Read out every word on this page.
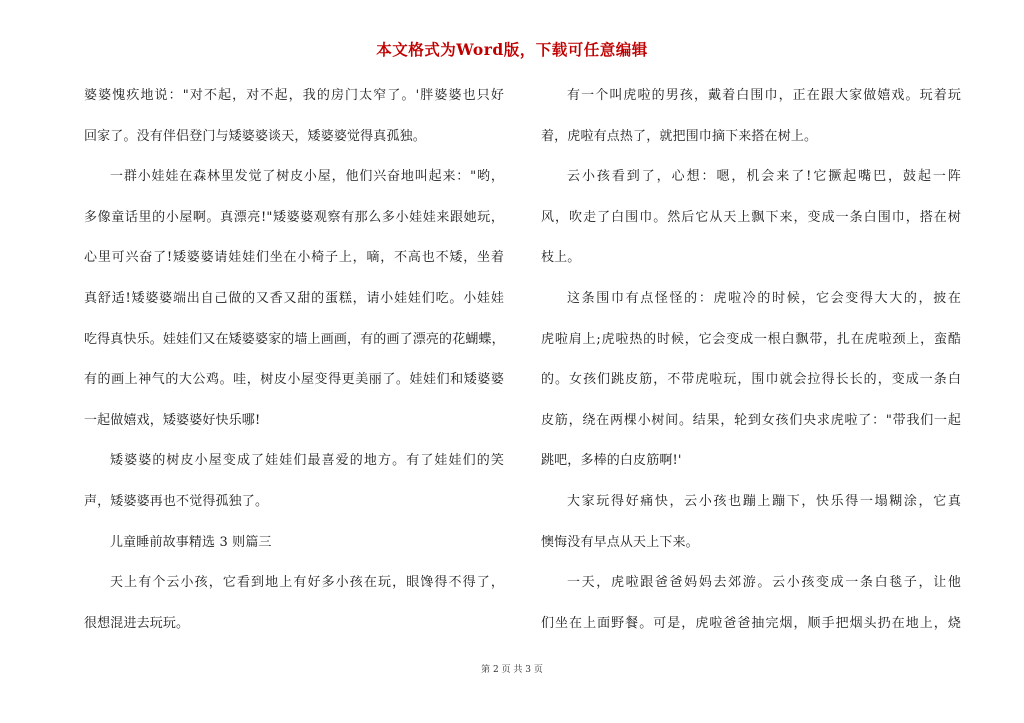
本文格式为Word版，下载可任意编辑
婆婆愧疚地说："对不起，对不起，我的房门太窄了。'胖婆婆也只好
回家了。没有伴侣登门与矮婆婆谈天，矮婆婆觉得真孤独。
一群小娃娃在森林里发觉了树皮小屋，他们兴奋地叫起来："哟，
多像童话里的小屋啊。真漂亮!"矮婆婆观察有那么多小娃娃来跟她玩，
心里可兴奋了!矮婆婆请娃娃们坐在小椅子上，嘀，不高也不矮，坐着
真舒适!矮婆婆端出自己做的又香又甜的蛋糕，请小娃娃们吃。小娃娃
吃得真快乐。娃娃们又在矮婆婆家的墙上画画，有的画了漂亮的花蝴蝶，
有的画上神气的大公鸡。哇，树皮小屋变得更美丽了。娃娃们和矮婆婆
一起做嬉戏，矮婆婆好快乐哪!
矮婆婆的树皮小屋变成了娃娃们最喜爱的地方。有了娃娃们的笑
声，矮婆婆再也不觉得孤独了。
儿童睡前故事精选 3 则篇三
天上有个云小孩，它看到地上有好多小孩在玩，眼馋得不得了，
很想混进去玩玩。
有一个叫虎啦的男孩，戴着白围巾，正在跟大家做嬉戏。玩着玩
着，虎啦有点热了，就把围巾摘下来搭在树上。
云小孩看到了，心想：嗯，机会来了!它撅起嘴巴，鼓起一阵
风，吹走了白围巾。然后它从天上飘下来，变成一条白围巾，搭在树
枝上。
这条围巾有点怪怪的：虎啦冷的时候，它会变得大大的，披在
虎啦肩上;虎啦热的时候，它会变成一根白飘带，扎在虎啦颈上，蛮酷
的。女孩们跳皮筋，不带虎啦玩，围巾就会拉得长长的，变成一条白
皮筋，绕在两棵小树间。结果，轮到女孩们央求虎啦了："带我们一起
跳吧，多棒的白皮筋啊!'
大家玩得好痛快，云小孩也蹦上蹦下，快乐得一塌糊涂，它真
懊悔没有早点从天上下来。
一天，虎啦跟爸爸妈妈去郊游。云小孩变成一条白毯子，让他
们坐在上面野餐。可是，虎啦爸爸抽完烟，顺手把烟头扔在地上，烧
第 2 页 共 3 页
